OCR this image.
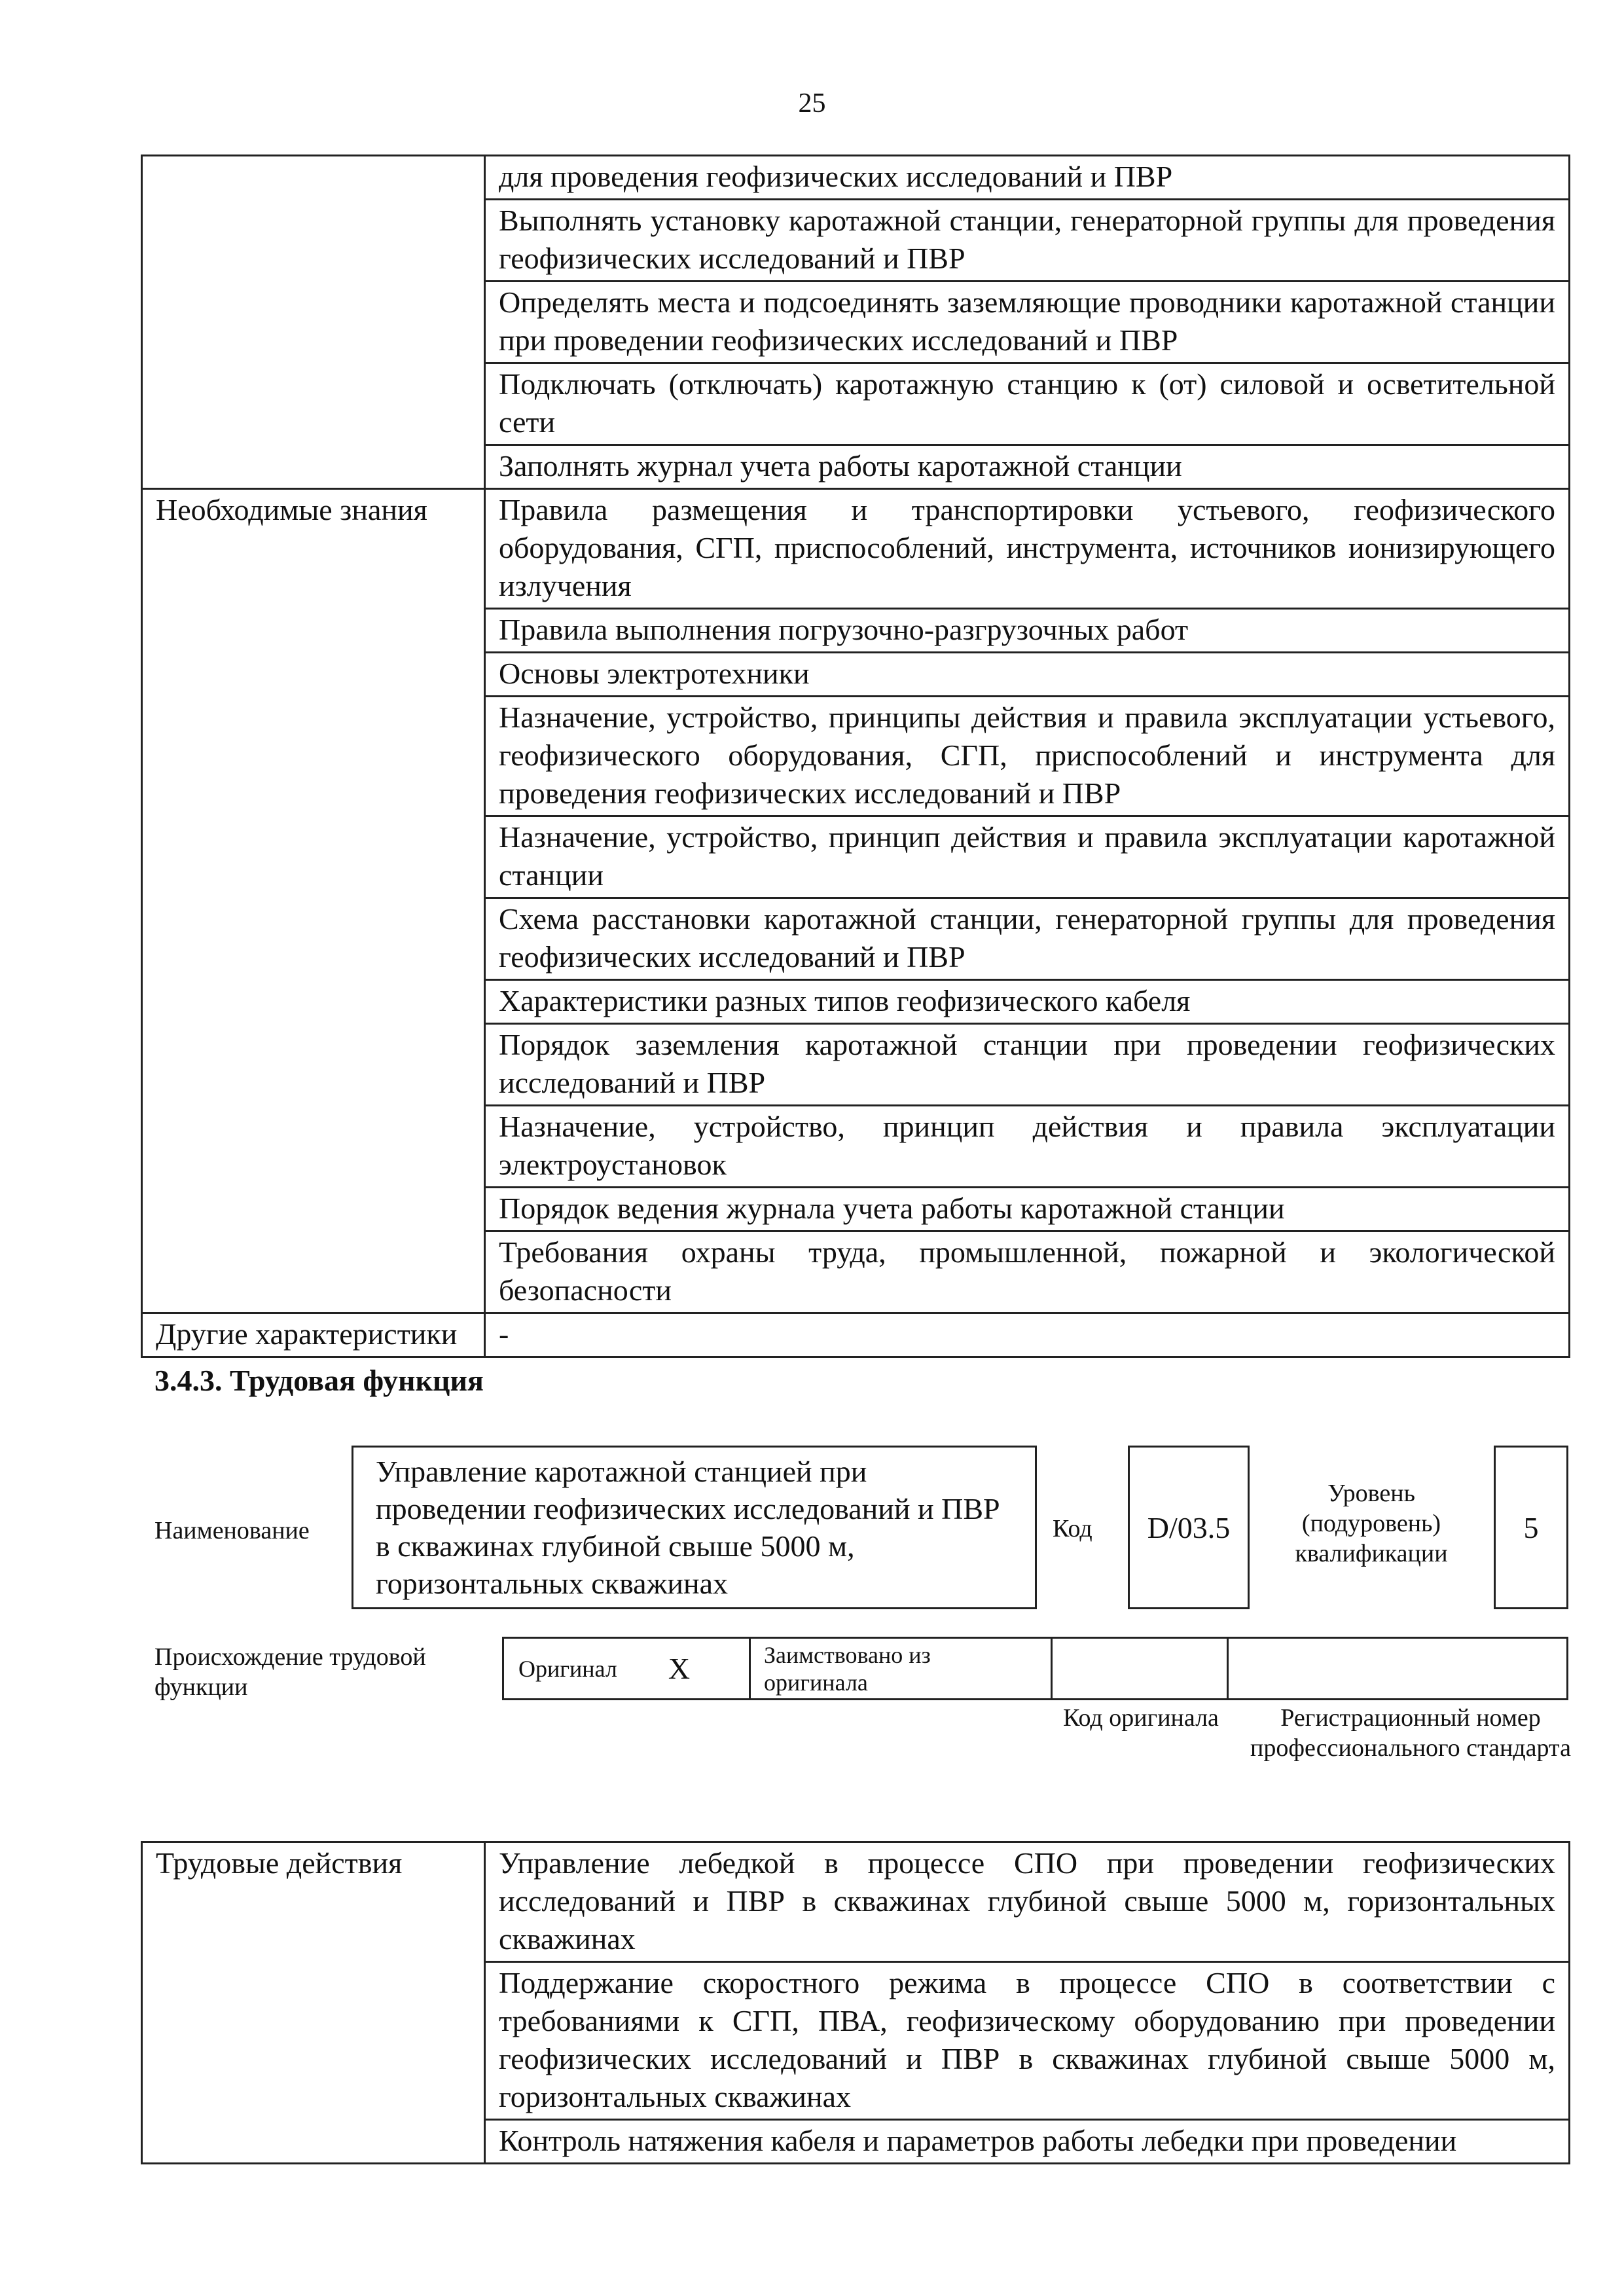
25
	для проведения геофизических исследований и ПВР
	Выполнять установку каротажной станции, генераторной группы для проведения геофизических исследований и ПВР
	Определять места и подсоединять заземляющие проводники каротажной станции при проведении геофизических исследований и ПВР
	Подключать (отключать) каротажную станцию к (от) силовой и осветительной сети
	Заполнять журнал учета работы каротажной станции
Необходимые знания	Правила размещения и транспортировки устьевого, геофизического оборудования, СГП, приспособлений, инструмента, источников ионизирующего излучения
	Правила выполнения погрузочно-разгрузочных работ
	Основы электротехники
	Назначение, устройство, принципы действия и правила эксплуатации устьевого, геофизического оборудования, СГП, приспособлений и инструмента для проведения геофизических исследований и ПВР
	Назначение, устройство, принцип действия и правила эксплуатации каротажной станции
	Схема расстановки каротажной станции, генераторной группы для проведения геофизических исследований и ПВР
	Характеристики разных типов геофизического кабеля
	Порядок заземления каротажной станции при проведении геофизических исследований и ПВР
	Назначение, устройство, принцип действия и правила эксплуатации электроустановок
	Порядок ведения журнала учета работы каротажной станции
	Требования охраны труда, промышленной, пожарной и экологической безопасности
Другие характеристики	-
3.4.3. Трудовая функция
Наименование
Управление каротажной станцией при проведении геофизических исследований и ПВР в скважинах глубиной свыше 5000 м, горизонтальных скважинах
Код	D/03.5
Уровень (подуровень) квалификации
5
Происхождение трудовой функции
Оригинал X	Заимствовано из оригинала
Код оригинала	Регистрационный номер профессионального стандарта
Трудовые действия	Управление лебедкой в процессе СПО при проведении геофизических исследований и ПВР в скважинах глубиной свыше 5000 м, горизонтальных скважинах
Поддержание скоростного режима в процессе СПО в соответствии с требованиями к СГП, ПВА, геофизическому оборудованию при проведении геофизических исследований и ПВР в скважинах глубиной свыше 5000 м, горизонтальных скважинах
Контроль натяжения кабеля и параметров работы лебедки при проведении
